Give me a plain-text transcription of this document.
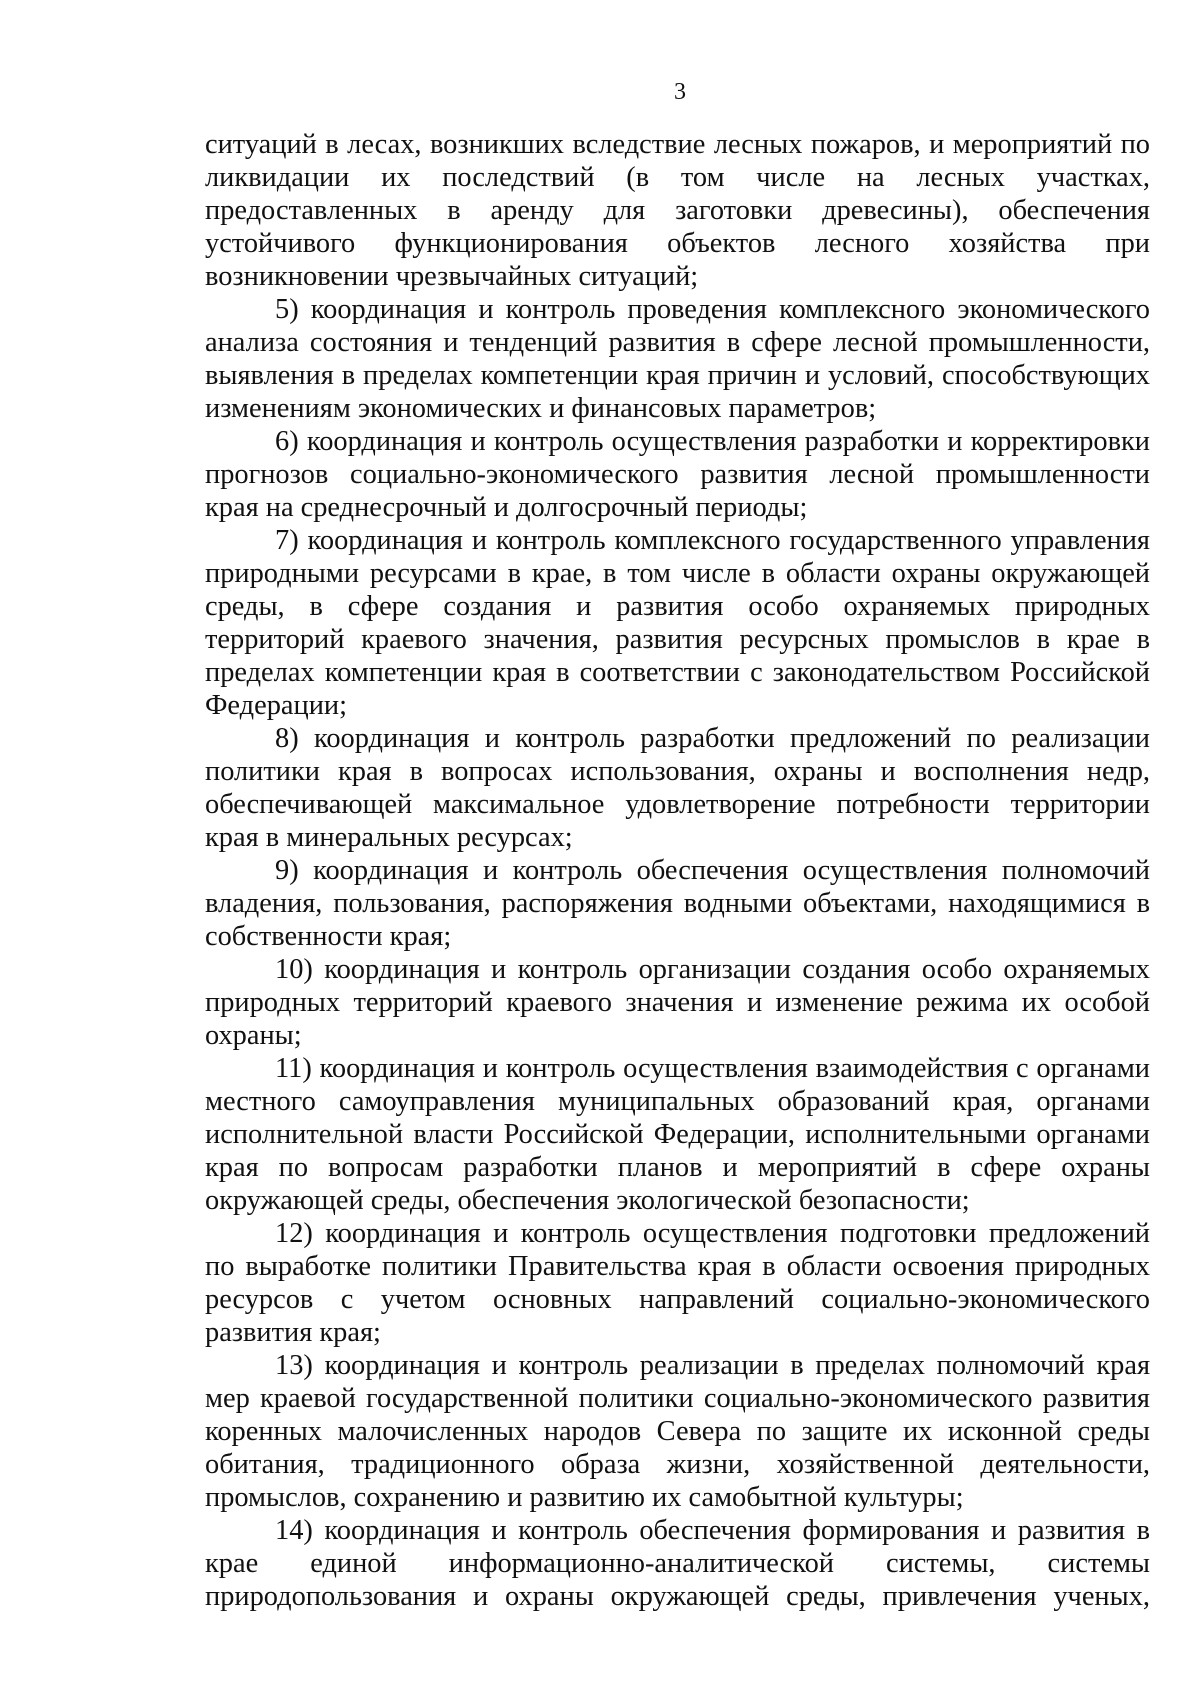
3
ситуаций в лесах, возникших вследствие лесных пожаров, и мероприятий по
ликвидации их последствий (в том числе на лесных участках,
предоставленных в аренду для заготовки древесины), обеспечения
устойчивого функционирования объектов лесного хозяйства при
возникновении чрезвычайных ситуаций;
5) координация и контроль проведения комплексного экономического
анализа состояния и тенденций развития в сфере лесной промышленности,
выявления в пределах компетенции края причин и условий, способствующих
изменениям экономических и финансовых параметров;
6) координация и контроль осуществления разработки и корректировки
прогнозов социально-экономического развития лесной промышленности
края на среднесрочный и долгосрочный периоды;
7) координация и контроль комплексного государственного управления
природными ресурсами в крае, в том числе в области охраны окружающей
среды, в сфере создания и развития особо охраняемых природных
территорий краевого значения, развития ресурсных промыслов в крае в
пределах компетенции края в соответствии с законодательством Российской
Федерации;
8) координация и контроль разработки предложений по реализации
политики края в вопросах использования, охраны и восполнения недр,
обеспечивающей максимальное удовлетворение потребности территории
края в минеральных ресурсах;
9) координация и контроль обеспечения осуществления полномочий
владения, пользования, распоряжения водными объектами, находящимися в
собственности края;
10) координация и контроль организации создания особо охраняемых
природных территорий краевого значения и изменение режима их особой
охраны;
11) координация и контроль осуществления взаимодействия с органами
местного самоуправления муниципальных образований края, органами
исполнительной власти Российской Федерации, исполнительными органами
края по вопросам разработки планов и мероприятий в сфере охраны
окружающей среды, обеспечения экологической безопасности;
12) координация и контроль осуществления подготовки предложений
по выработке политики Правительства края в области освоения природных
ресурсов с учетом основных направлений социально-экономического
развития края;
13) координация и контроль реализации в пределах полномочий края
мер краевой государственной политики социально-экономического развития
коренных малочисленных народов Севера по защите их исконной среды
обитания, традиционного образа жизни, хозяйственной деятельности,
промыслов, сохранению и развитию их самобытной культуры;
14) координация и контроль обеспечения формирования и развития в
крае единой информационно-аналитической системы, системы
природопользования и охраны окружающей среды, привлечения ученых,
